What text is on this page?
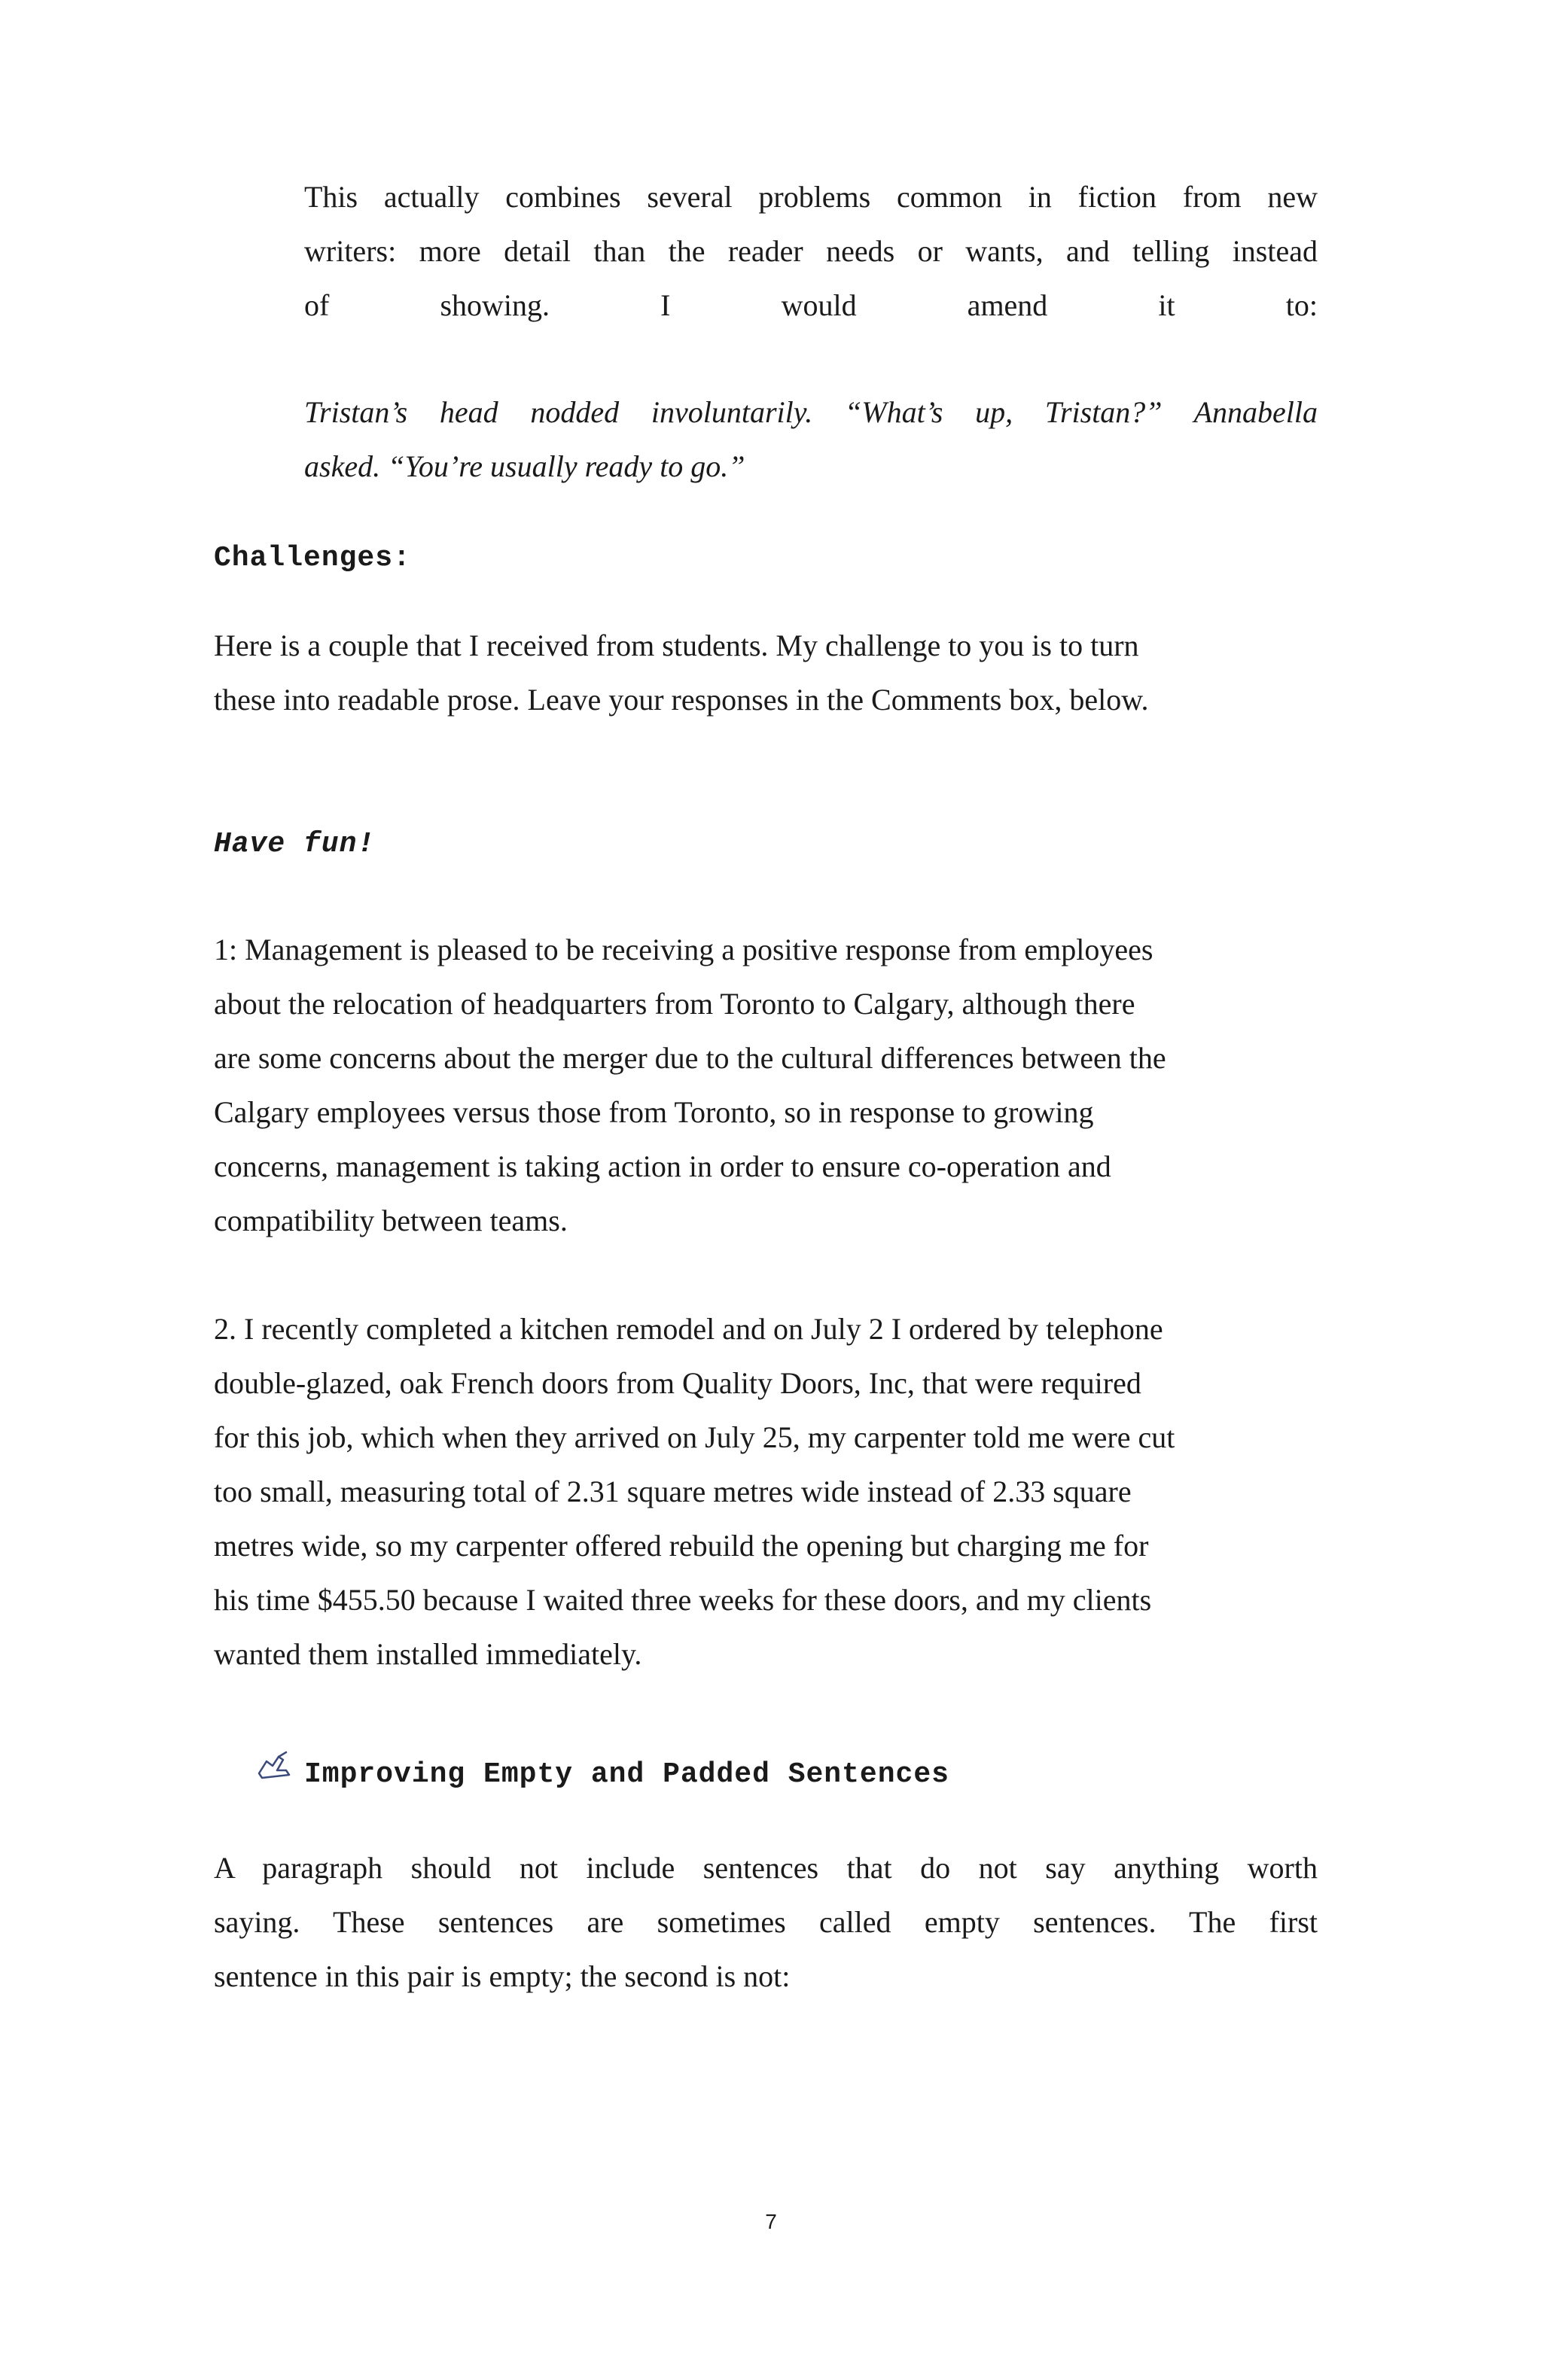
This actually combines several problems common in fiction from new
writers: more detail than the reader needs or wants, and telling instead
of showing. I would amend it to:
Tristan’s head nodded involuntarily. “What’s up, Tristan?” Annabella
asked. “You’re usually ready to go.”
Challenges:
Here is a couple that I received from students. My challenge to you is to turn
these into readable prose. Leave your responses in the Comments box, below.
Have fun!
1: Management is pleased to be receiving a positive response from employees
about the relocation of headquarters from Toronto to Calgary, although there
are some concerns about the merger due to the cultural differences between the
Calgary employees versus those from Toronto, so in response to growing
concerns, management is taking action in order to ensure co-operation and
compatibility between teams.
2. I recently completed a kitchen remodel and on July 2 I ordered by telephone
double-glazed, oak French doors from Quality Doors, Inc, that were required
for this job, which when they arrived on July 25, my carpenter told me were cut
too small, measuring total of 2.31 square metres wide instead of 2.33 square
metres wide, so my carpenter offered rebuild the opening but charging me for
his time $455.50 because I waited three weeks for these doors, and my clients
wanted them installed immediately.
Improving Empty and Padded Sentences
A paragraph should not include sentences that do not say anything worth
saying. These sentences are sometimes called empty sentences. The first
sentence in this pair is empty; the second is not:
7
